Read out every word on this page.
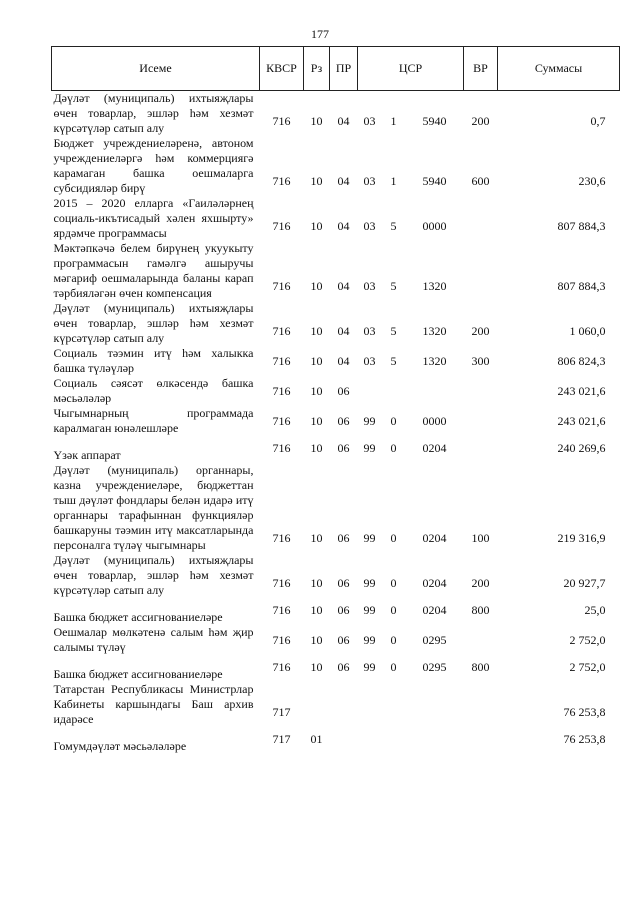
177
Исеме	КВСР	Рз	ПР	ЦСР			ВР	Суммасы
Дәүләт (муниципаль) ихтыяҗлары өчен товарлар, эшләр һәм хезмәт күрсәтүләр сатып алу	716	10	04	03	1	5940	200	0,7
Бюджет учреждениеләренә, автоном учреждениеләргә һәм коммерциягә карамаган башка оешмаларга субсидияләр бирү	716	10	04	03	1	5940	600	230,6
2015 – 2020 елларга «Гаиләләрнең социаль-икътисадый хәлен яхшырту» ярдәмче программасы	716	10	04	03	5	0000		807 884,3
Мәктәпкәчә белем бирүнең укуукыту программасын гамәлгә ашыручы мәгариф оешмаларында баланы карап тәрбияләгән өчен компенсация	716	10	04	03	5	1320		807 884,3
Дәүләт (муниципаль) ихтыяҗлары өчен товарлар, эшләр һәм хезмәт күрсәтүләр сатып алу	716	10	04	03	5	1320	200	1 060,0
Социаль тәэмин итү һәм халыкка башка түләүләр	716	10	04	03	5	1320	300	806 824,3
Социаль сәясәт өлкәсендә башка мәсьәләләр	716	10	06					243 021,6
Чыгымнарның программада каралмаган юнәлешләре	716	10	06	99	0	0000		243 021,6
Үзәк аппарат	716	10	06	99	0	0204		240 269,6
Дәүләт (муниципаль) органнары, казна учреждениеләре, бюджеттан тыш дәүләт фондлары белән идарә итү органнары тарафыннан функцияләр башкаруны тәэмин итү максатларында персоналга түләү чыгымнары	716	10	06	99	0	0204	100	219 316,9
Дәүләт (муниципаль) ихтыяҗлары өчен товарлар, эшләр һәм хезмәт күрсәтүләр сатып алу	716	10	06	99	0	0204	200	20 927,7
Башка бюджет ассигнованиеләре	716	10	06	99	0	0204	800	25,0
Оешмалар мөлкәтенә салым һәм җир салымы түләү	716	10	06	99	0	0295		2 752,0
Башка бюджет ассигнованиеләре	716	10	06	99	0	0295	800	2 752,0
Татарстан Республикасы Министрлар Кабинеты каршындагы Баш архив идарәсе	717							76 253,8
Гомумдәүләт мәсьәләләре	717	01						76 253,8
